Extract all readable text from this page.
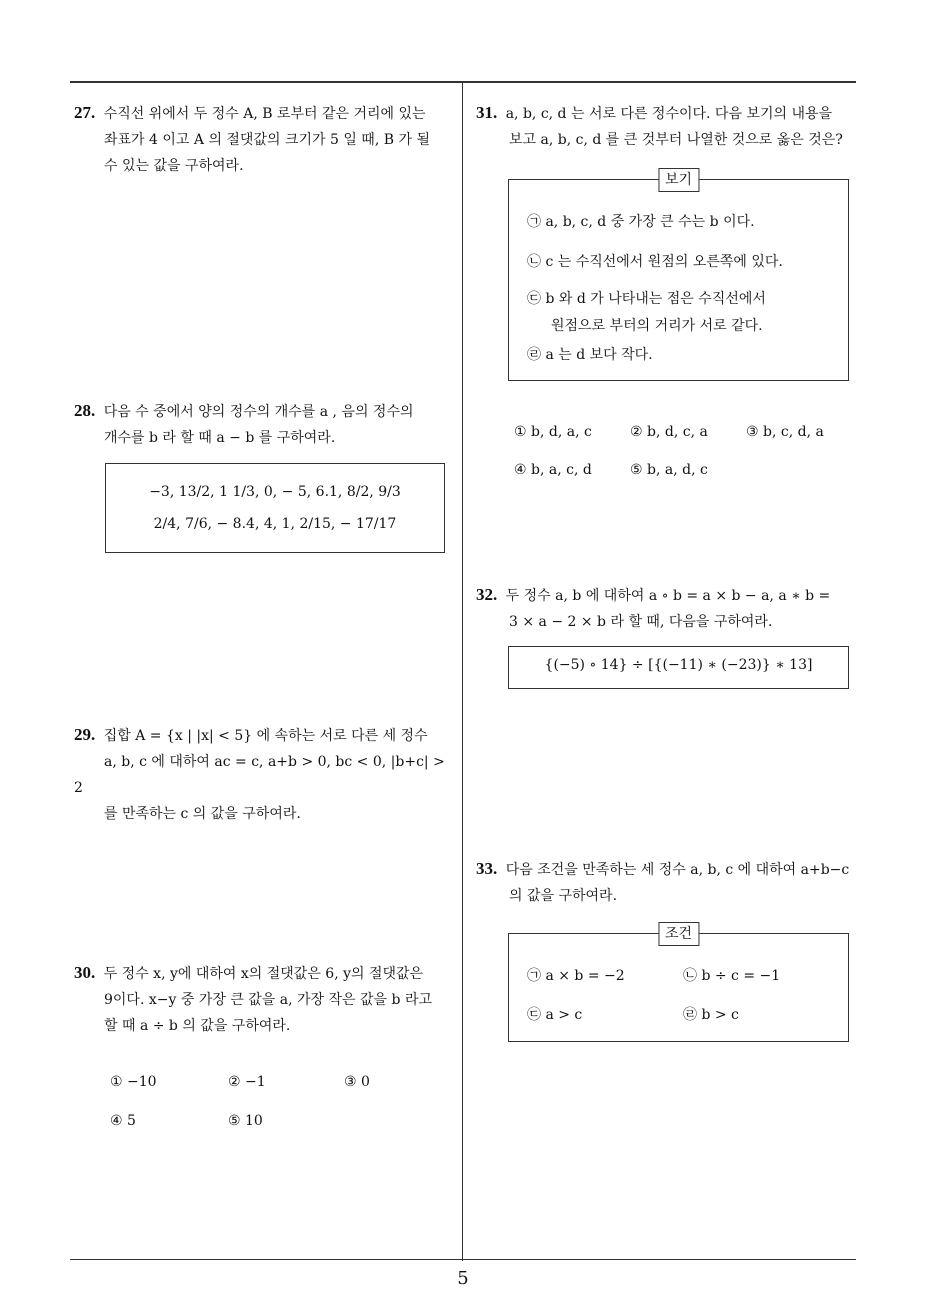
27. 수직선 위에서 두 정수 A, B 로부터 같은 거리에 있는
좌표가 4 이고 A 의 절댓값의 크기가 5 일 때, B 가 될
수 있는 값을 구하여라.
28. 다음 수 중에서 양의 정수의 개수를 a , 음의 정수의
개수를 b 라 할 때 a − b 를 구하여라.
−3, 13/2, 1 1/3, 0, − 5, 6.1, 8/2, 9/3
2/4, 7/6, − 8.4, 4, 1, 2/15, − 17/17
29. 집합 A = {x | |x| < 5} 에 속하는 서로 다른 세 정수
a, b, c 에 대하여 ac = c, a+b > 0, bc < 0, |b+c| > 2
를 만족하는 c 의 값을 구하여라.
30. 두 정수 x, y에 대하여 x의 절댓값은 6, y의 절댓값은
9이다. x−y 중 가장 큰 값을 a, 가장 작은 값을 b 라고
할 때 a ÷ b 의 값을 구하여라.
① −10	② −1	③ 0
④ 5	⑤ 10
31. a, b, c, d 는 서로 다른 정수이다. 다음 보기의 내용을
보고 a, b, c, d 를 큰 것부터 나열한 것으로 옳은 것은?
보기
㉠ a, b, c, d 중 가장 큰 수는 b 이다.
㉡ c 는 수직선에서 원점의 오른쪽에 있다.
㉢ b 와 d 가 나타내는 점은 수직선에서
원점으로 부터의 거리가 서로 같다.
㉣ a 는 d 보다 작다.
① b, d, a, c	② b, d, c, a	③ b, c, d, a
④ b, a, c, d	⑤ b, a, d, c
32. 두 정수 a, b 에 대하여 a ∘ b = a × b − a, a ∗ b =
3 × a − 2 × b 라 할 때, 다음을 구하여라.
{(−5) ∘ 14} ÷ [{(−11) ∗ (−23)} ∗ 13]
33. 다음 조건을 만족하는 세 정수 a, b, c 에 대하여 a+b−c
의 값을 구하여라.
조건
㉠ a × b = −2	㉡ b ÷ c = −1
㉢ a > c	㉣ b > c
5
